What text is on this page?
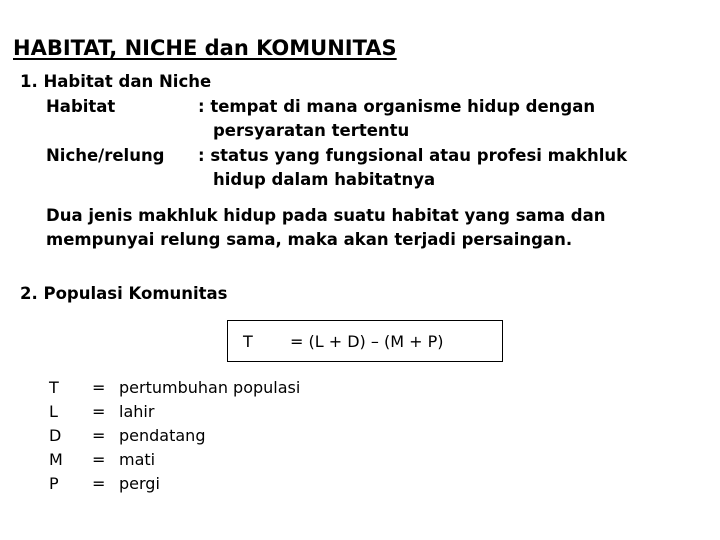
HABITAT, NICHE dan KOMUNITAS
1. Habitat dan Niche
Habitat	: tempat di mana organisme hidup dengan
persyaratan tertentu
Niche/relung : status yang fungsional atau profesi makhluk
hidup dalam habitatnya
Dua jenis makhluk hidup pada suatu habitat yang sama dan
mempunyai relung sama, maka akan terjadi persaingan.
2. Populasi Komunitas
T = (L + D) – (M + P)
T = pertumbuhan populasi
L = lahir
D = pendatang
M = mati
P = pergi
